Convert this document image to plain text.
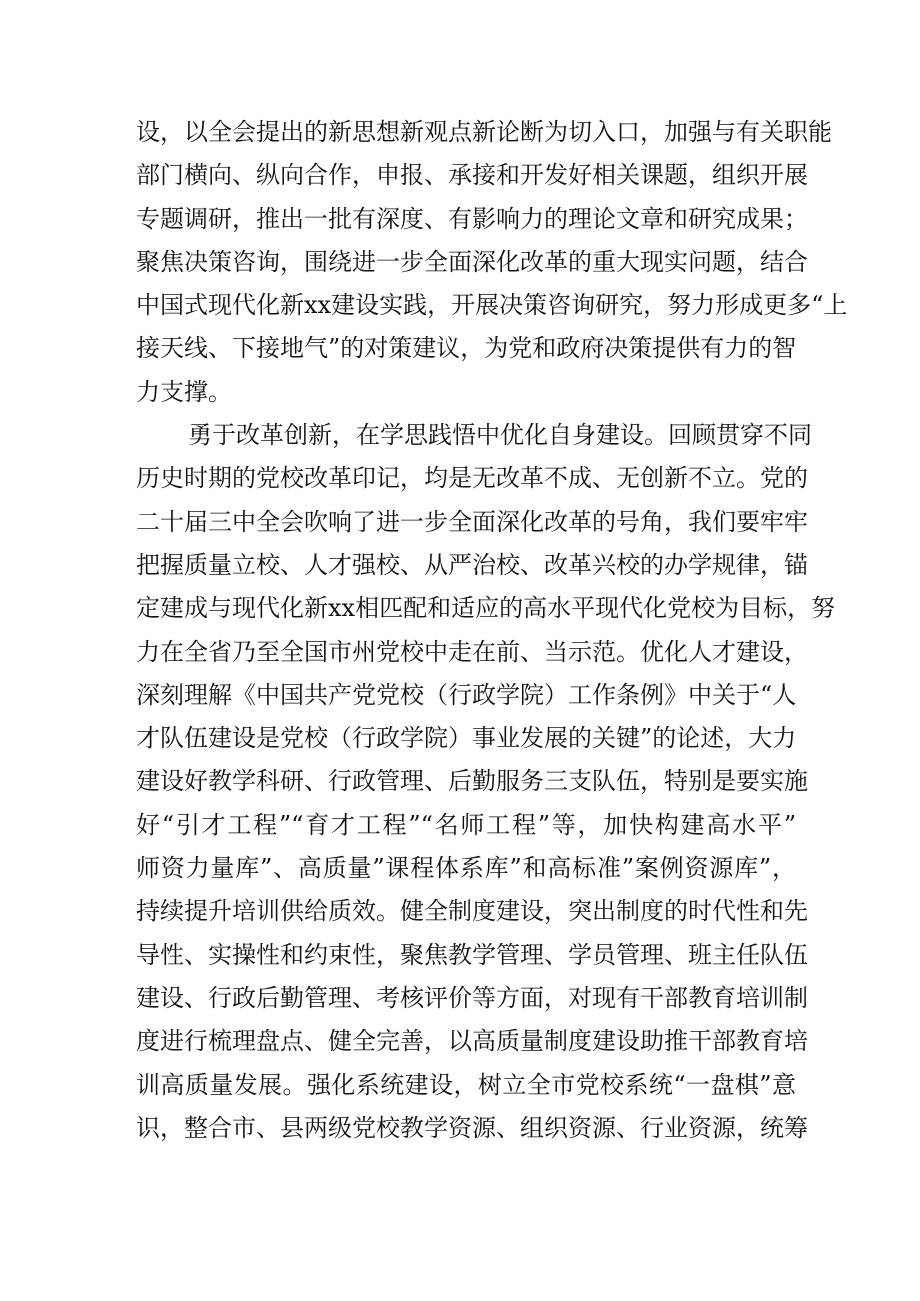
设，以全会提出的新思想新观点新论断为切入口，加强与有关职能
部门横向、纵向合作，申报、承接和开发好相关课题，组织开展
专题调研，推出一批有深度、有影响力的理论文章和研究成果；
聚焦决策咨询，围绕进一步全面深化改革的重大现实问题，结合
中国式现代化新xx建设实践，开展决策咨询研究，努力形成更多“上
接天线、下接地气”的对策建议，为党和政府决策提供有力的智
力支撑。
勇于改革创新，在学思践悟中优化自身建设。回顾贯穿不同
历史时期的党校改革印记，均是无改革不成、无创新不立。党的
二十届三中全会吹响了进一步全面深化改革的号角，我们要牢牢
把握质量立校、人才强校、从严治校、改革兴校的办学规律，锚
定建成与现代化新xx相匹配和适应的高水平现代化党校为目标，努
力在全省乃至全国市州党校中走在前、当示范。优化人才建设，
深刻理解《中国共产党党校（行政学院）工作条例》中关于“人
才队伍建设是党校（行政学院）事业发展的关键”的论述，大力
建设好教学科研、行政管理、后勤服务三支队伍，特别是要实施
好“引才工程”“育才工程”“名师工程”等，加快构建高水平”
师资力量库”、高质量”课程体系库”和高标准”案例资源库”，
持续提升培训供给质效。健全制度建设，突出制度的时代性和先
导性、实操性和约束性，聚焦教学管理、学员管理、班主任队伍
建设、行政后勤管理、考核评价等方面，对现有干部教育培训制
度进行梳理盘点、健全完善，以高质量制度建设助推干部教育培
训高质量发展。强化系统建设，树立全市党校系统“一盘棋”意
识，整合市、县两级党校教学资源、组织资源、行业资源，统筹
